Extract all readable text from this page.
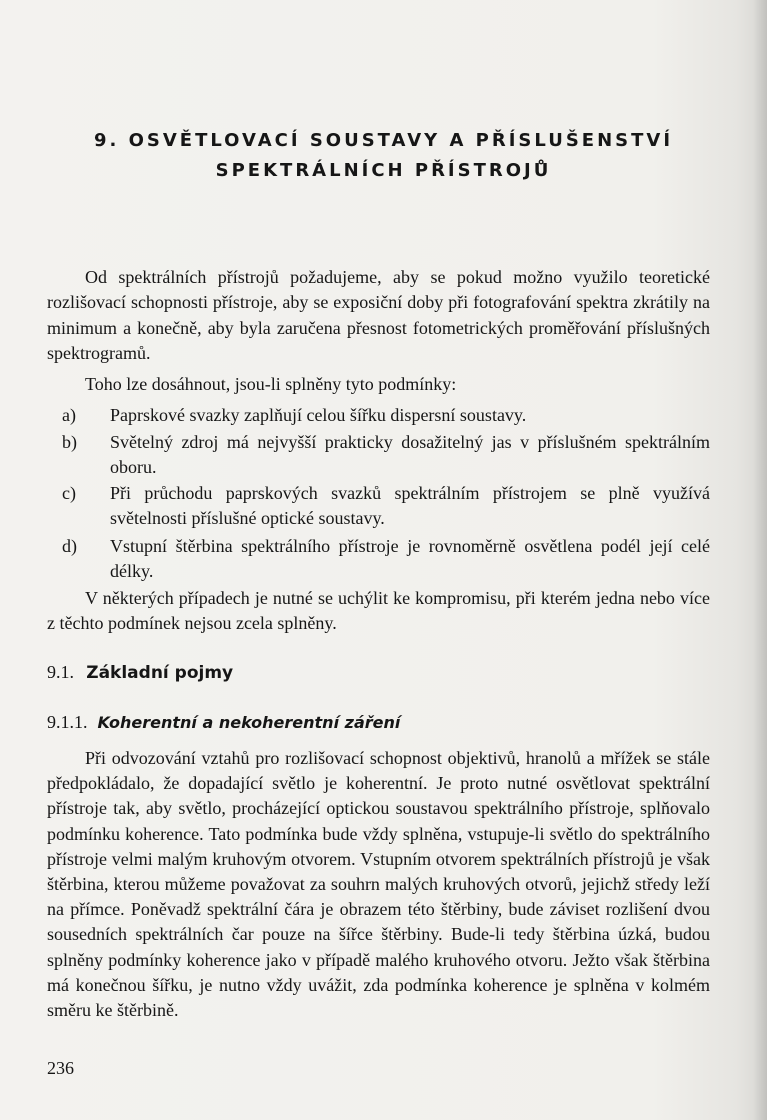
9. OSVĚTLOVACÍ SOUSTAVY A PŘÍSLUŠENSTVÍ
SPEKTRÁLNÍCH PŘÍSTROJŮ

Od spektrálních přístrojů požadujeme, aby se pokud možno využilo teoretické rozlišovací schopnosti přístroje, aby se exposiční doby při fotografování spektra zkrátily na minimum a konečně, aby byla zaručena přesnost fotometrických proměřování příslušných spektrogramů.

Toho lze dosáhnout, jsou-li splněny tyto podmínky:

a) Paprskové svazky zaplňují celou šířku dispersní soustavy.
b) Světelný zdroj má nejvyšší prakticky dosažitelný jas v příslušném spektrálním oboru.
c) Při průchodu paprskových svazků spektrálním přístrojem se plně využívá světelnosti příslušné optické soustavy.
d) Vstupní štěrbina spektrálního přístroje je rovnoměrně osvětlena podél její celé délky.

V některých případech je nutné se uchýlit ke kompromisu, při kterém jedna nebo více z těchto podmínek nejsou zcela splněny.

9.1. Základní pojmy
9.1.1. Koherentní a nekoherentní záření

Při odvozování vztahů pro rozlišovací schopnost objektivů, hranolů a mřížek se stále předpokládalo, že dopadající světlo je koherentní. Je proto nutné osvětlovat spektrální přístroje tak, aby světlo, procházející optickou soustavou spektrálního přístroje, splňovalo podmínku koherence. Tato podmínka bude vždy splněna, vstupuje-li světlo do spektrálního přístroje velmi malým kruhovým otvorem. Vstupním otvorem spektrálních přístrojů je však štěrbina, kterou můžeme považovat za souhrn malých kruhových otvorů, jejichž středy leží na přímce. Poněvadž spektrální čára je obrazem této štěrbiny, bude záviset rozlišení dvou sousedních spektrálních čar pouze na šířce štěrbiny. Bude-li tedy štěrbina úzká, budou splněny podmínky koherence jako v případě malého kruhového otvoru. Ježto však štěrbina má konečnou šířku, je nutno vždy uvážit, zda podmínka koherence je splněna v kolmém směru ke štěrbině.

236
